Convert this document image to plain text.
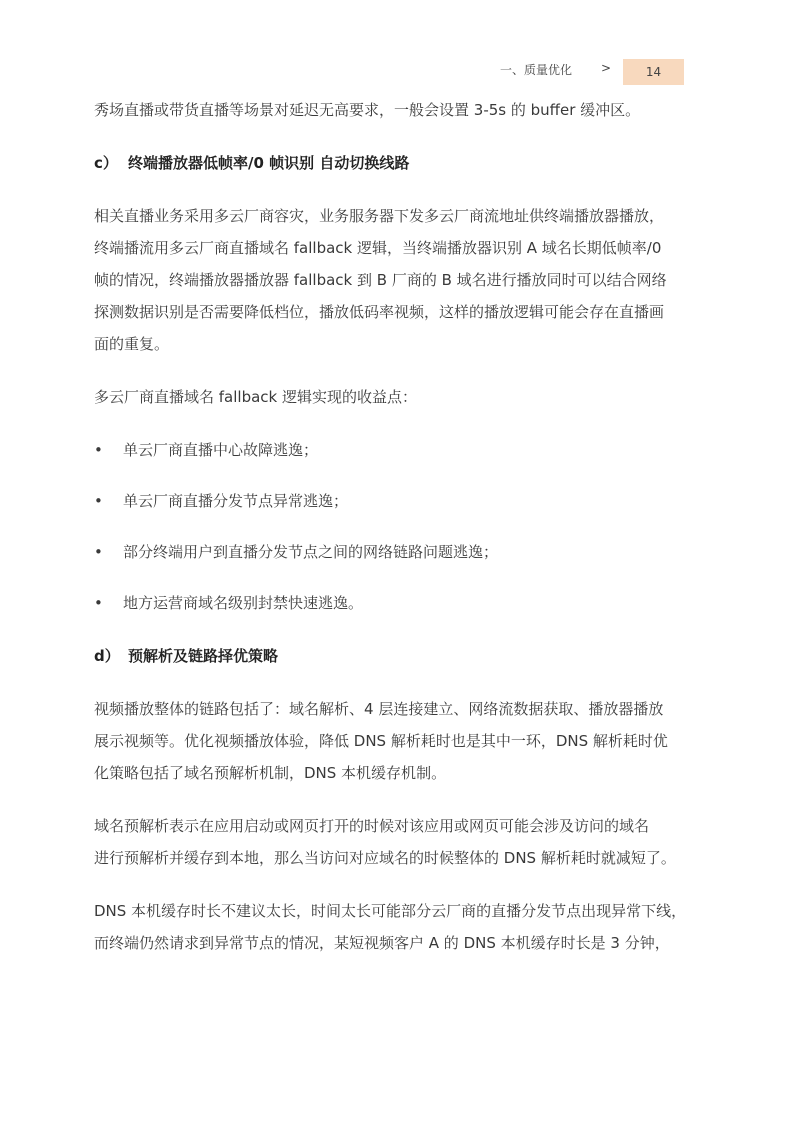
一、质量优化 >	14

秀场直播或带货直播等场景对延迟无高要求，一般会设置 3-5s 的 buffer 缓冲区。

c） 终端播放器低帧率/0 帧识别 自动切换线路

相关直播业务采用多云厂商容灾，业务服务器下发多云厂商流地址供终端播放器播放，

终端播流用多云厂商直播域名 fallback 逻辑，当终端播放器识别 A 域名长期低帧率/0

帧的情况，终端播放器播放器 fallback 到 B 厂商的 B 域名进行播放同时可以结合网络

探测数据识别是否需要降低档位，播放低码率视频，这样的播放逻辑可能会存在直播画

面的重复。

多云厂商直播域名 fallback 逻辑实现的收益点：

• 单云厂商直播中心故障逃逸；

• 单云厂商直播分发节点异常逃逸；

• 部分终端用户到直播分发节点之间的网络链路问题逃逸；

• 地方运营商域名级别封禁快速逃逸。

d） 预解析及链路择优策略

视频播放整体的链路包括了：域名解析、4 层连接建立、网络流数据获取、播放器播放

展示视频等。优化视频播放体验，降低 DNS 解析耗时也是其中一环，DNS 解析耗时优

化策略包括了域名预解析机制，DNS 本机缓存机制。

域名预解析表示在应用启动或网页打开的时候对该应用或网页可能会涉及访问的域名

进行预解析并缓存到本地，那么当访问对应域名的时候整体的 DNS 解析耗时就减短了。

DNS 本机缓存时长不建议太长，时间太长可能部分云厂商的直播分发节点出现异常下线，

而终端仍然请求到异常节点的情况，某短视频客户 A 的 DNS 本机缓存时长是 3 分钟，
